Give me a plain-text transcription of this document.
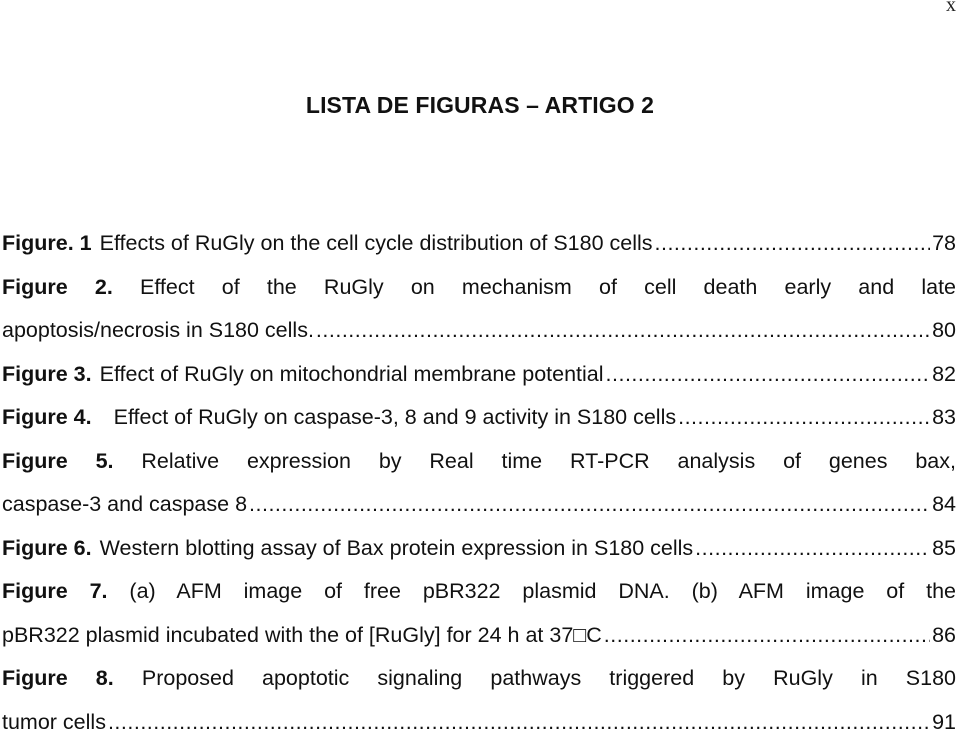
x
LISTA DE FIGURAS – ARTIGO 2
Figure. 1 Effects of RuGly on the cell cycle distribution of S180 cells .....	78
Figure 2. Effect of the RuGly on mechanism of cell death early and late
apoptosis/necrosis in S180 cells. .....	80
Figure 3. Effect of RuGly on mitochondrial membrane potential .....	82
Figure 4. Effect of RuGly on caspase-3, 8 and 9 activity in S180 cells .....	83
Figure 5. Relative expression by Real time RT-PCR analysis of genes bax,
caspase-3 and caspase 8 .....	84
Figure 6. Western blotting assay of Bax protein expression in S180 cells .....	85
Figure 7. (a) AFM image of free pBR322 plasmid DNA. (b) AFM image of the
pBR322 plasmid incubated with the of [RuGly] for 24 h at 37□C .....	86
Figure 8. Proposed apoptotic signaling pathways triggered by RuGly in S180
tumor cells .....	91
